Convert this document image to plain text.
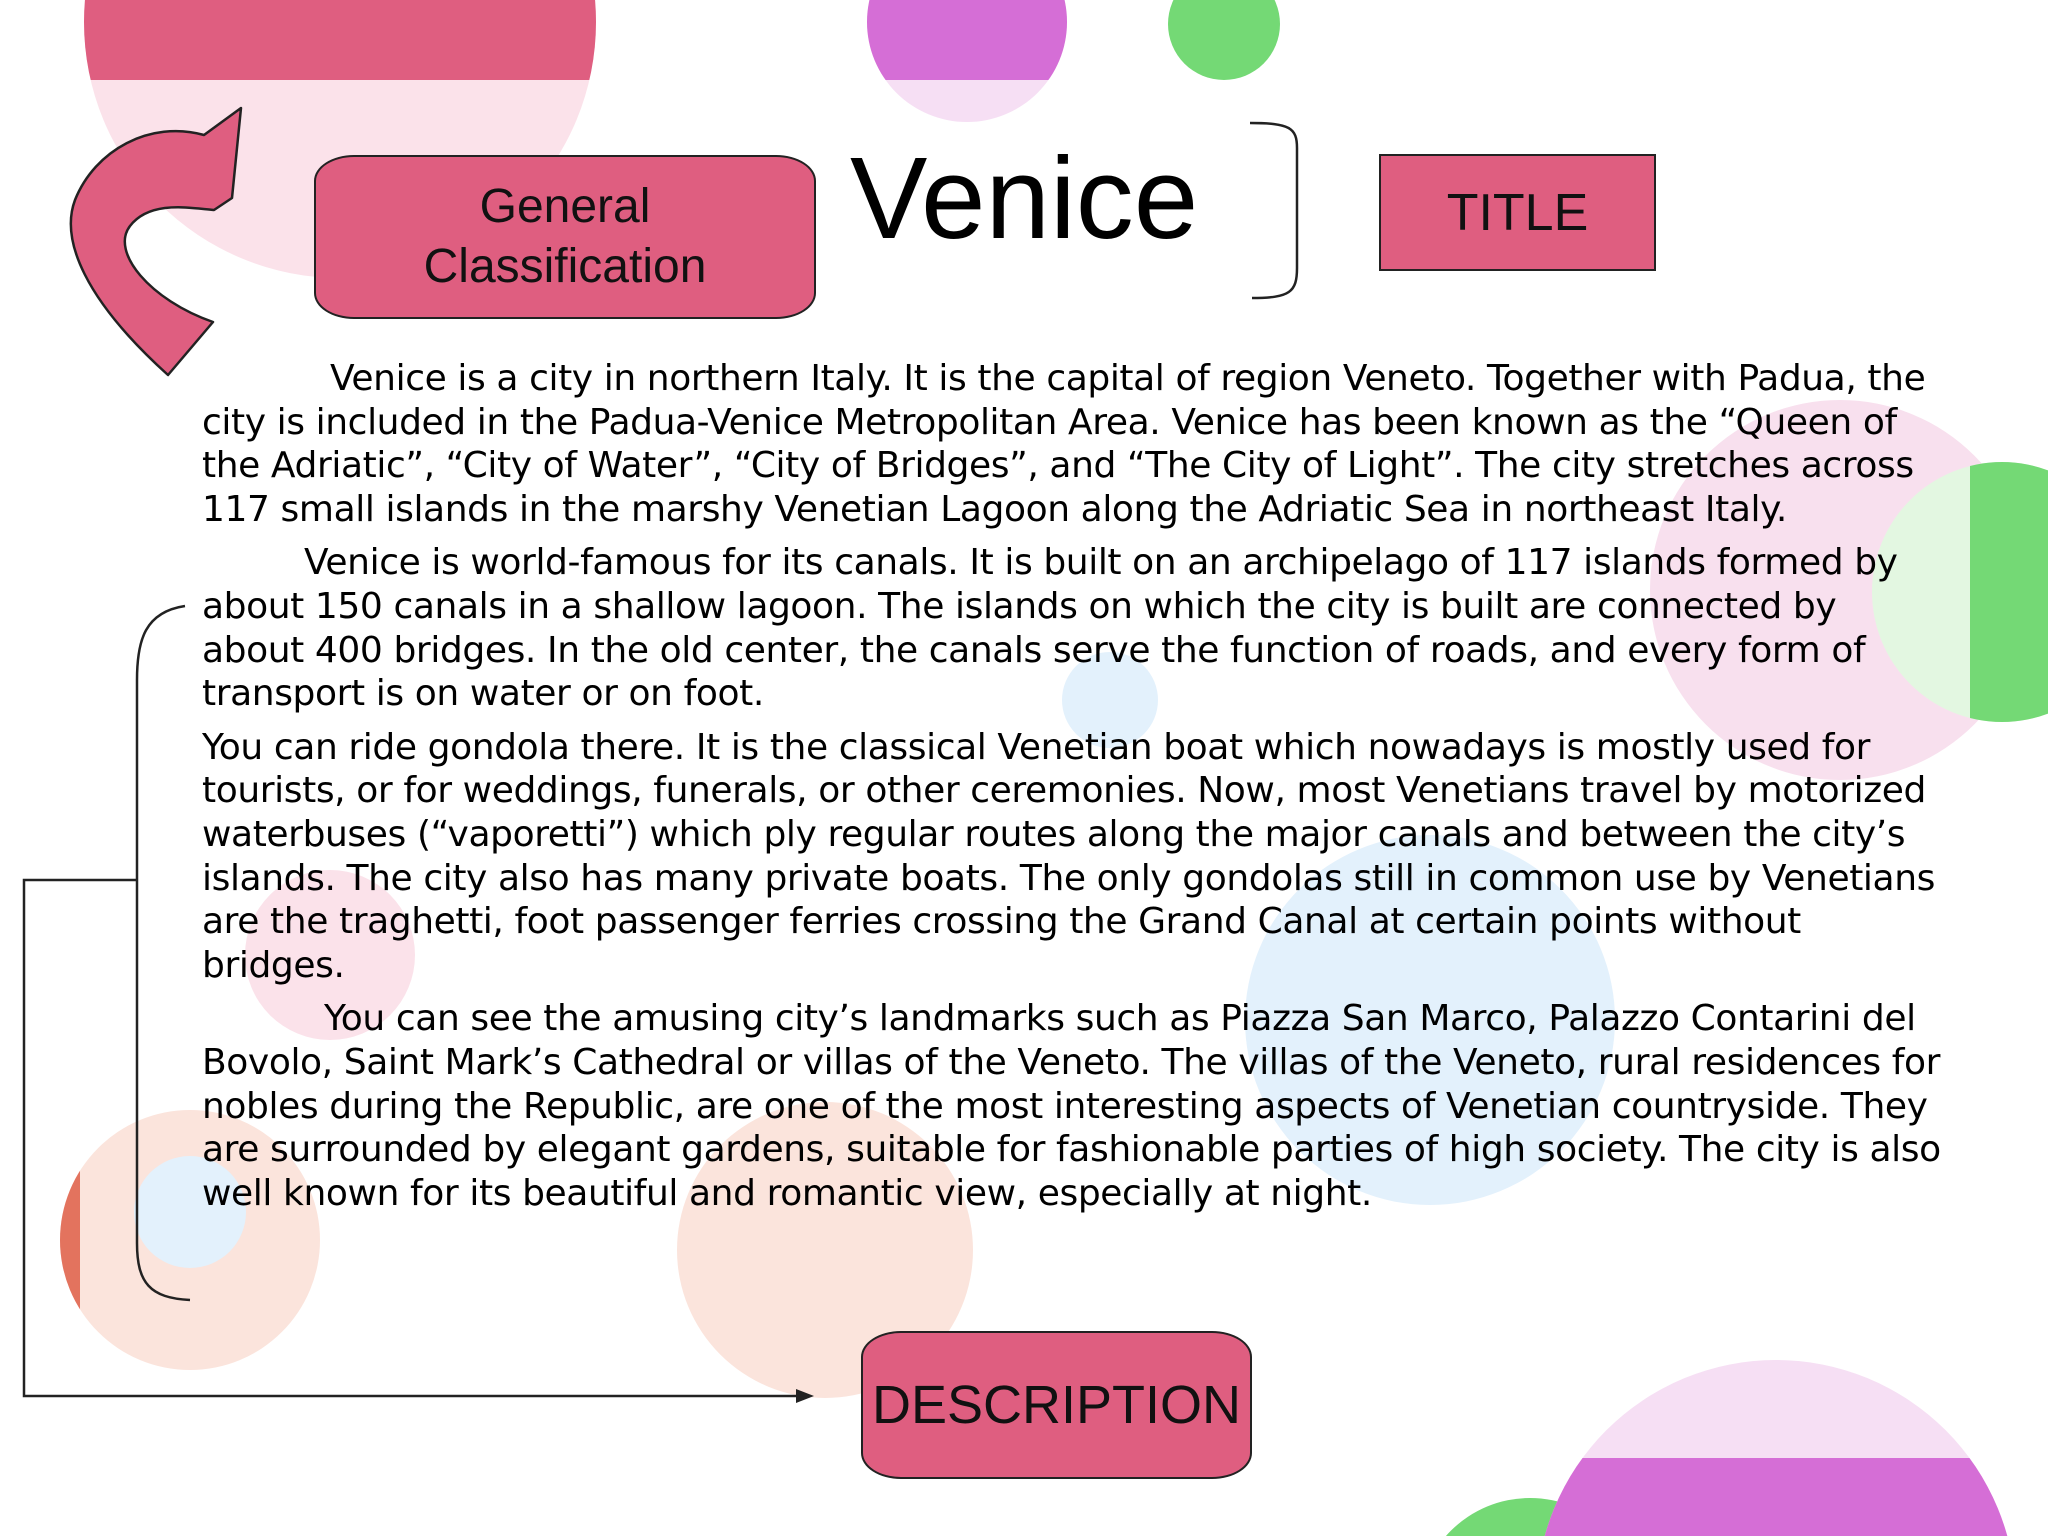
General
Classification
Venice	TITLE

Venice is a city in northern Italy. It is the capital of region Veneto. Together with Padua, the city is included in the Padua-Venice Metropolitan Area. Venice has been known as the “Queen of the Adriatic”, “City of Water”, “City of Bridges”, and “The City of Light”. The city stretches across 117 small islands in the marshy Venetian Lagoon along the Adriatic Sea in northeast Italy.

Venice is world-famous for its canals. It is built on an archipelago of 117 islands formed by about 150 canals in a shallow lagoon. The islands on which the city is built are connected by about 400 bridges. In the old center, the canals serve the function of roads, and every form of transport is on water or on foot.

You can ride gondola there. It is the classical Venetian boat which nowadays is mostly used for tourists, or for weddings, funerals, or other ceremonies. Now, most Venetians travel by motorized waterbuses (“vaporetti”) which ply regular routes along the major canals and between the city’s islands. The city also has many private boats. The only gondolas still in common use by Venetians are the traghetti, foot passenger ferries crossing the Grand Canal at certain points without bridges.

You can see the amusing city’s landmarks such as Piazza San Marco, Palazzo Contarini del Bovolo, Saint Mark’s Cathedral or villas of the Veneto. The villas of the Veneto, rural residences for nobles during the Republic, are one of the most interesting aspects of Venetian countryside. They are surrounded by elegant gardens, suitable for fashionable parties of high society. The city is also well known for its beautiful and romantic view, especially at night.

DESCRIPTION
